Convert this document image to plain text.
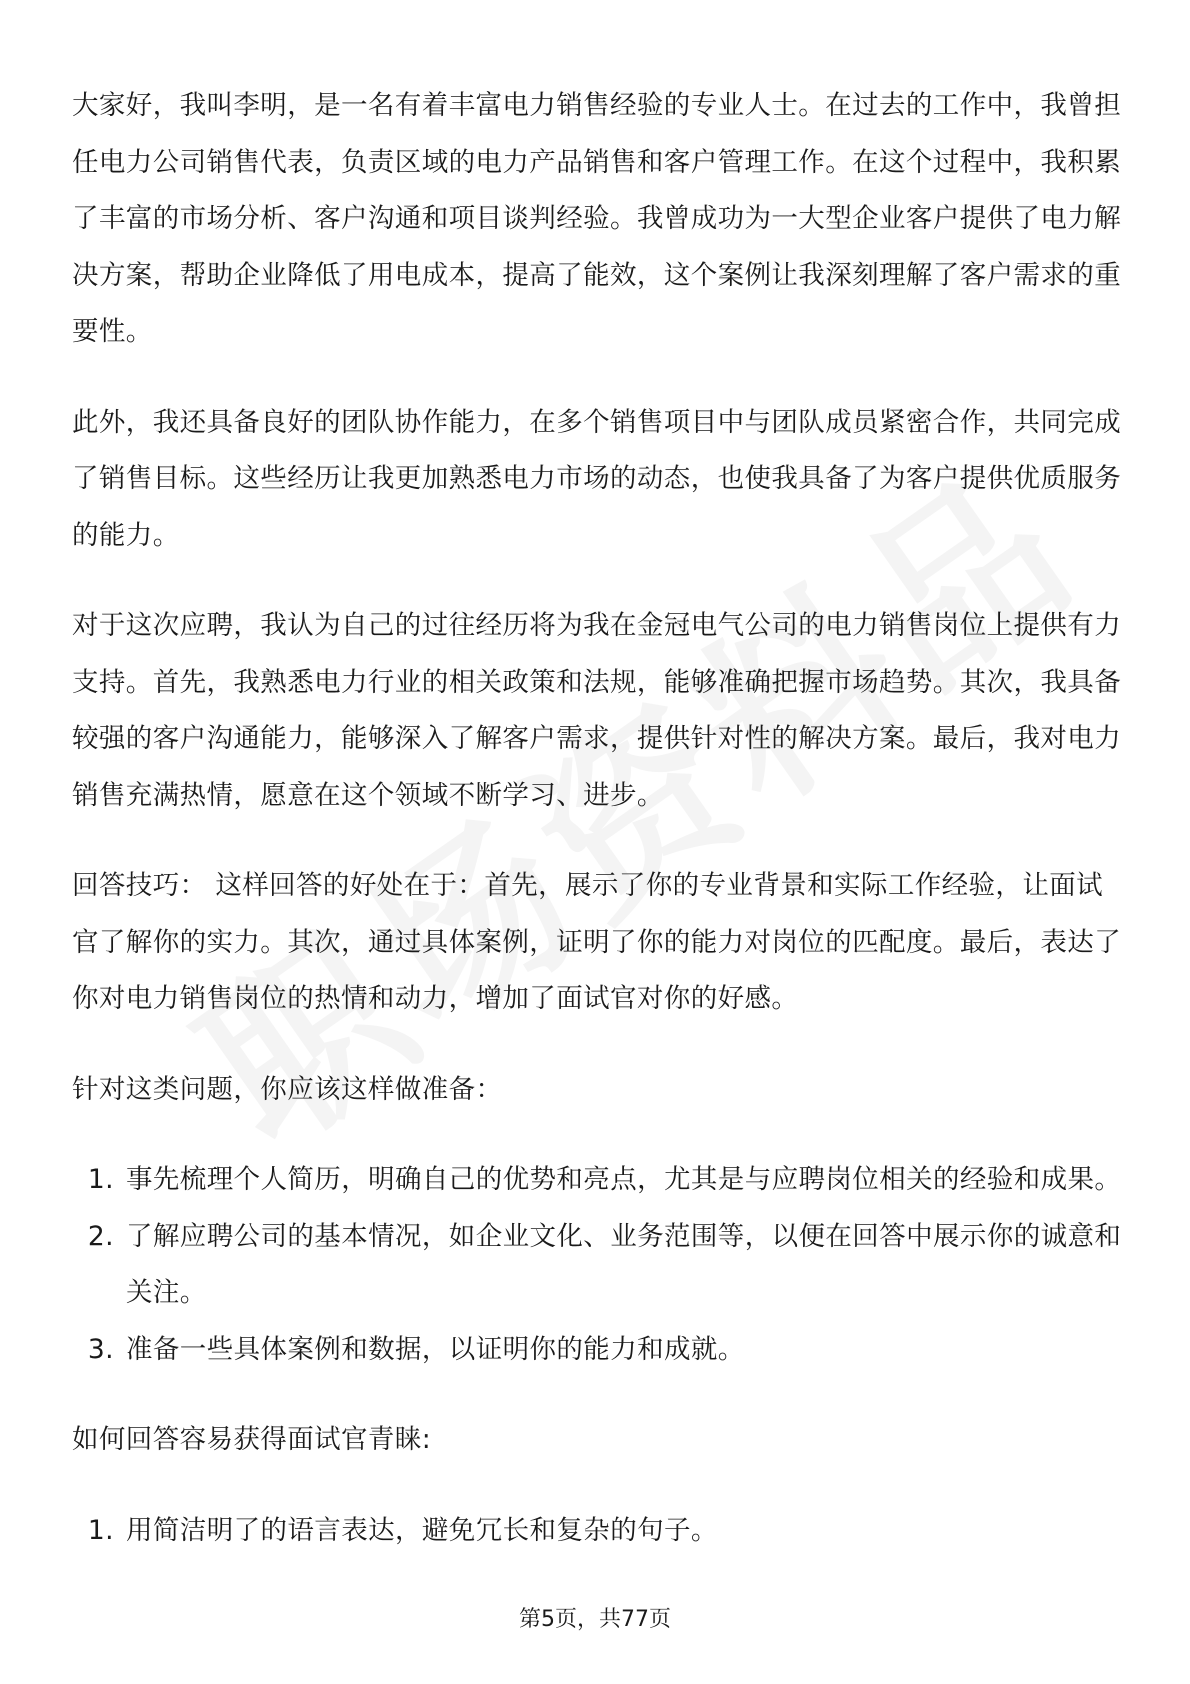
大家好，我叫李明，是一名有着丰富电力销售经验的专业人士。在过去的工作中，我曾担任电力公司销售代表，负责区域的电力产品销售和客户管理工作。在这个过程中，我积累了丰富的市场分析、客户沟通和项目谈判经验。我曾成功为一大型企业客户提供了电力解决方案，帮助企业降低了用电成本，提高了能效，这个案例让我深刻理解了客户需求的重要性。

此外，我还具备良好的团队协作能力，在多个销售项目中与团队成员紧密合作，共同完成了销售目标。这些经历让我更加熟悉电力市场的动态，也使我具备了为客户提供优质服务的能力。

对于这次应聘，我认为自己的过往经历将为我在金冠电气公司的电力销售岗位上提供有力支持。首先，我熟悉电力行业的相关政策和法规，能够准确把握市场趋势。其次，我具备较强的客户沟通能力，能够深入了解客户需求，提供针对性的解决方案。最后，我对电力销售充满热情，愿意在这个领域不断学习、进步。

回答技巧： 这样回答的好处在于：首先，展示了你的专业背景和实际工作经验，让面试官了解你的实力。其次，通过具体案例，证明了你的能力对岗位的匹配度。最后，表达了你对电力销售岗位的热情和动力，增加了面试官对你的好感。

针对这类问题，你应该这样做准备：

1. 事先梳理个人简历，明确自己的优势和亮点，尤其是与应聘岗位相关的经验和成果。
2. 了解应聘公司的基本情况，如企业文化、业务范围等，以便在回答中展示你的诚意和关注。
3. 准备一些具体案例和数据，以证明你的能力和成就。

如何回答容易获得面试官青睐:

1. 用简洁明了的语言表达，避免冗长和复杂的句子。
第5页，共77页
